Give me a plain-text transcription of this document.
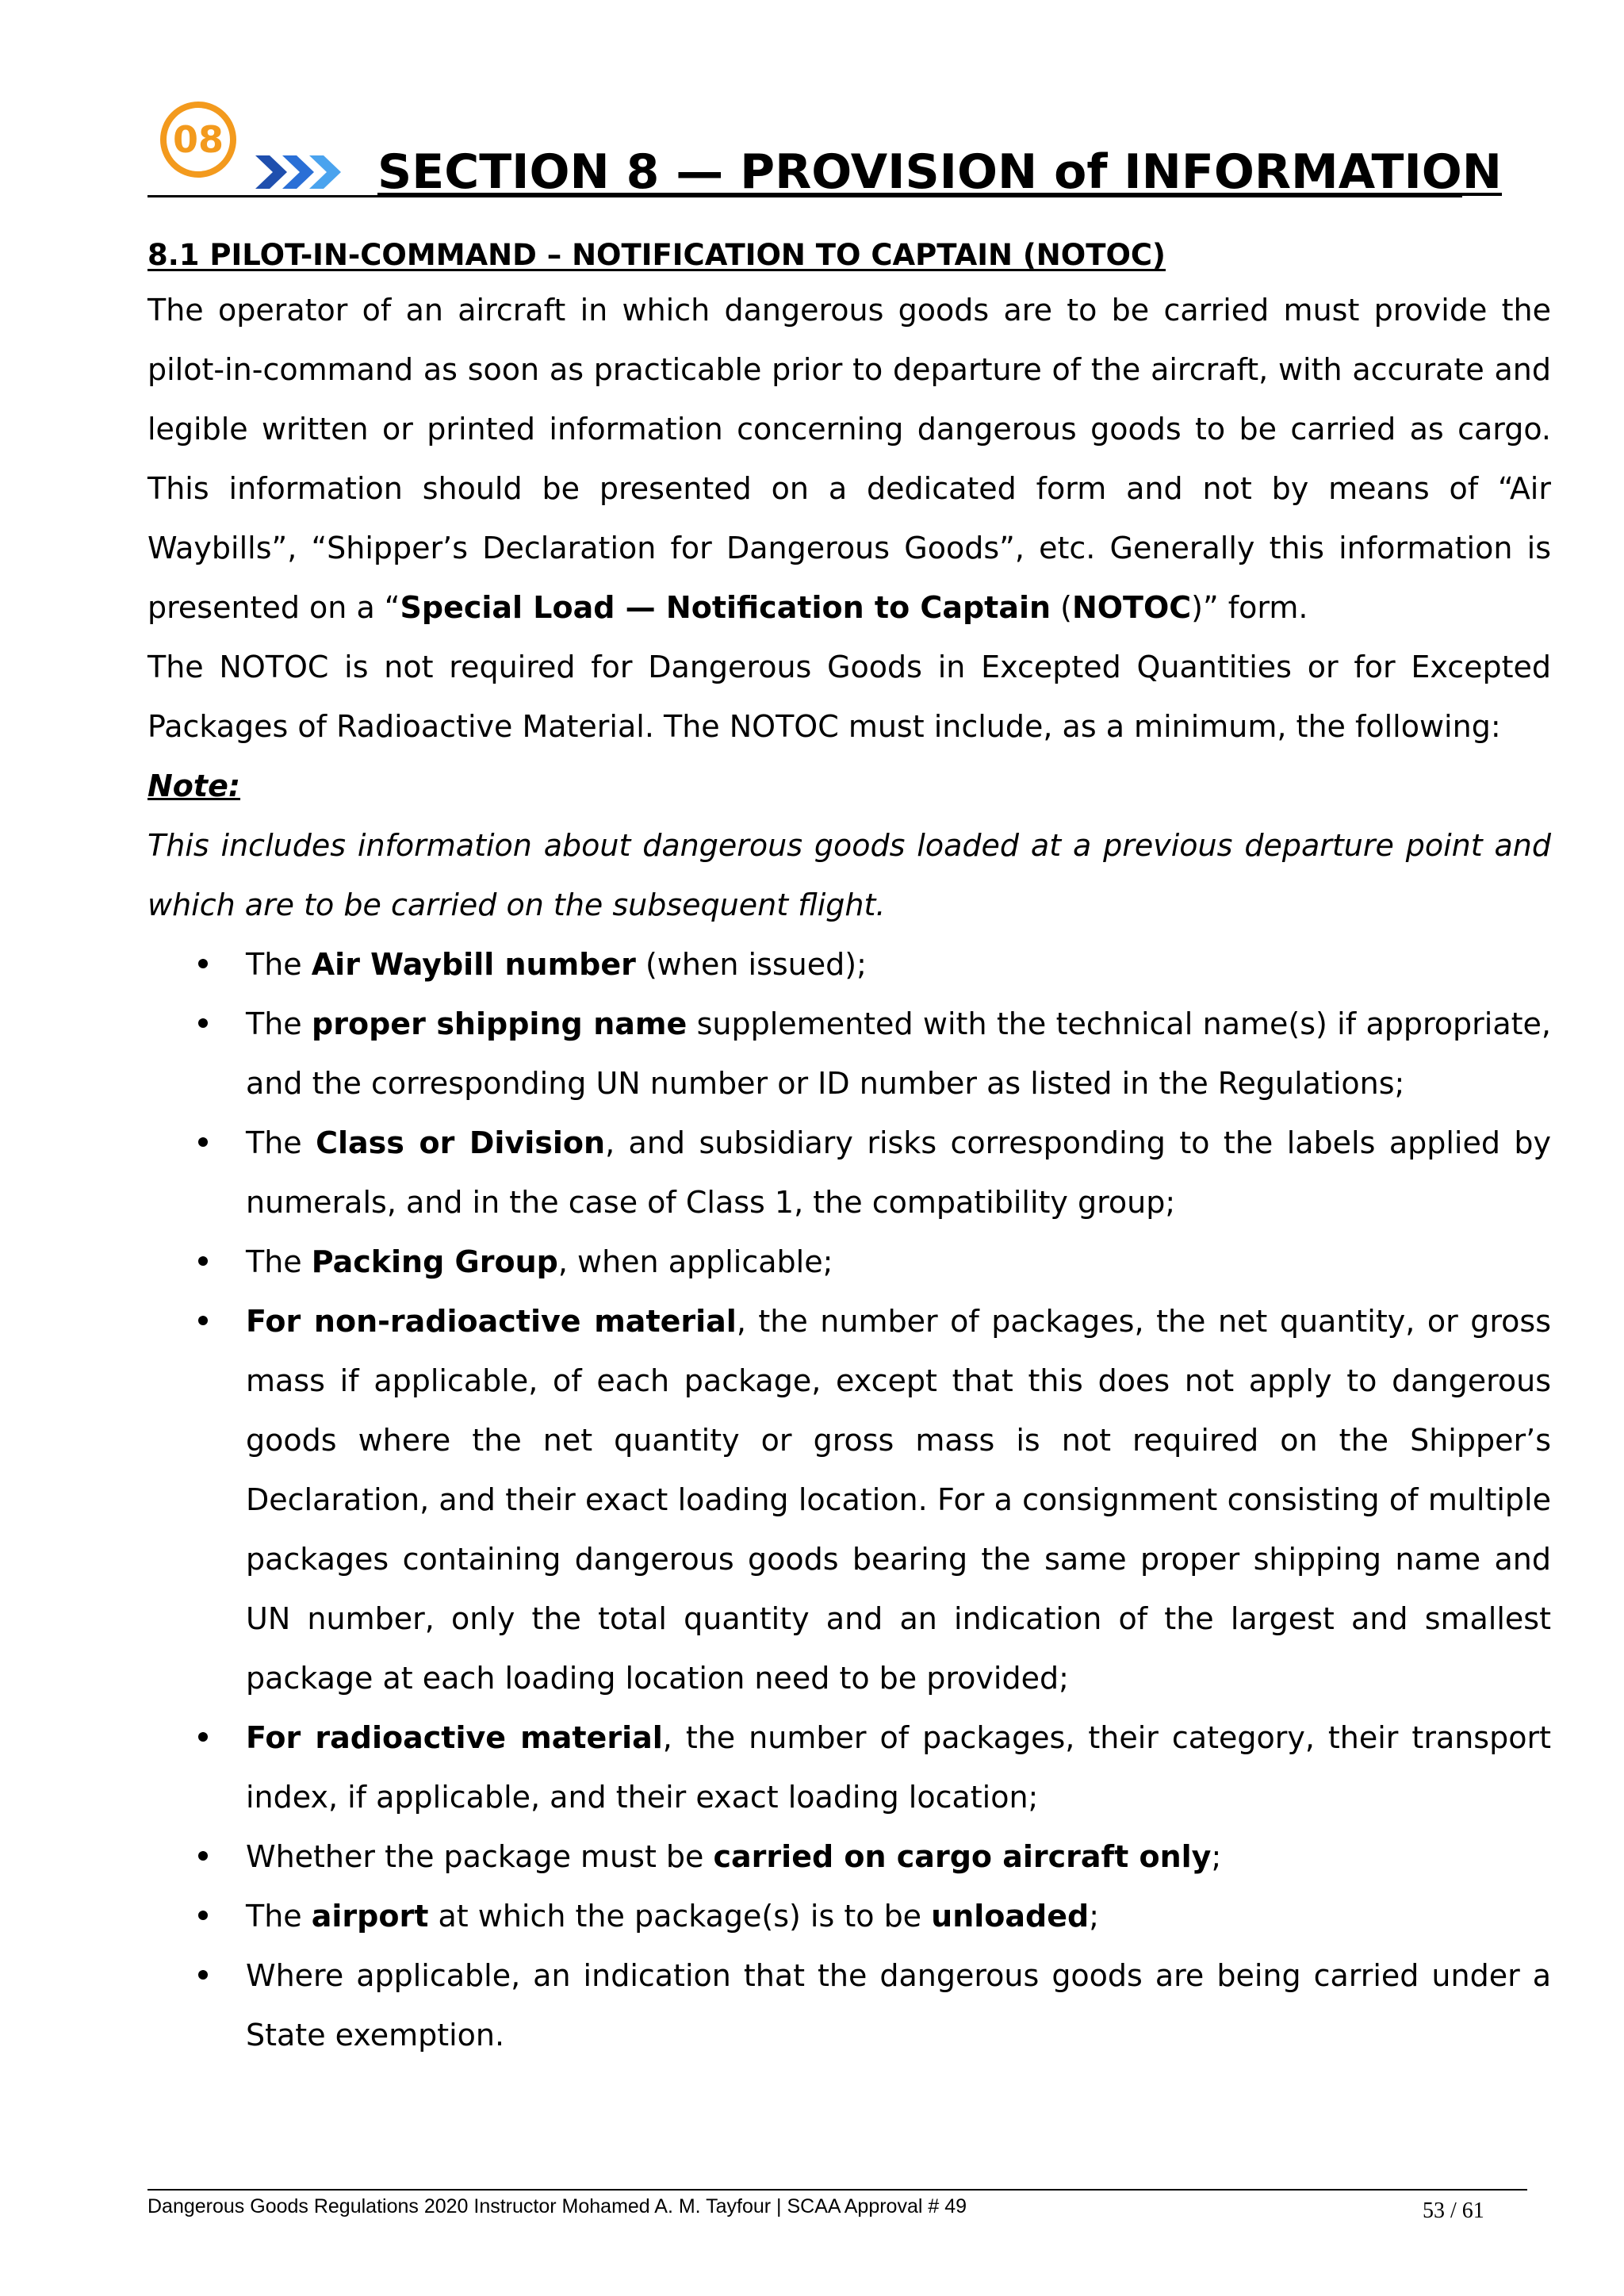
08
SECTION 8 — PROVISION of INFORMATION

8.1 PILOT-IN-COMMAND – NOTIFICATION TO CAPTAIN (NOTOC)

The operator of an aircraft in which dangerous goods are to be carried must provide the pilot-in-command as soon as practicable prior to departure of the aircraft, with accurate and legible written or printed information concerning dangerous goods to be carried as cargo. This information should be presented on a dedicated form and not by means of “Air Waybills”, “Shipper’s Declaration for Dangerous Goods”, etc. Generally this information is presented on a “Special Load — Notification to Captain (NOTOC)” form.

The NOTOC is not required for Dangerous Goods in Excepted Quantities or for Excepted Packages of Radioactive Material. The NOTOC must include, as a minimum, the following:

Note:

This includes information about dangerous goods loaded at a previous departure point and which are to be carried on the subsequent flight.

The Air Waybill number (when issued);
The proper shipping name supplemented with the technical name(s) if appropriate, and the corresponding UN number or ID number as listed in the Regulations;
The Class or Division, and subsidiary risks corresponding to the labels applied by numerals, and in the case of Class 1, the compatibility group;
The Packing Group, when applicable;
For non-radioactive material, the number of packages, the net quantity, or gross mass if applicable, of each package, except that this does not apply to dangerous goods where the net quantity or gross mass is not required on the Shipper’s Declaration, and their exact loading location. For a consignment consisting of multiple packages containing dangerous goods bearing the same proper shipping name and UN number, only the total quantity and an indication of the largest and smallest package at each loading location need to be provided;
For radioactive material, the number of packages, their category, their transport index, if applicable, and their exact loading location;
Whether the package must be carried on cargo aircraft only;
The airport at which the package(s) is to be unloaded;
Where applicable, an indication that the dangerous goods are being carried under a State exemption.
Dangerous Goods Regulations 2020 Instructor Mohamed A. M. Tayfour | SCAA Approval # 49	53 / 61
